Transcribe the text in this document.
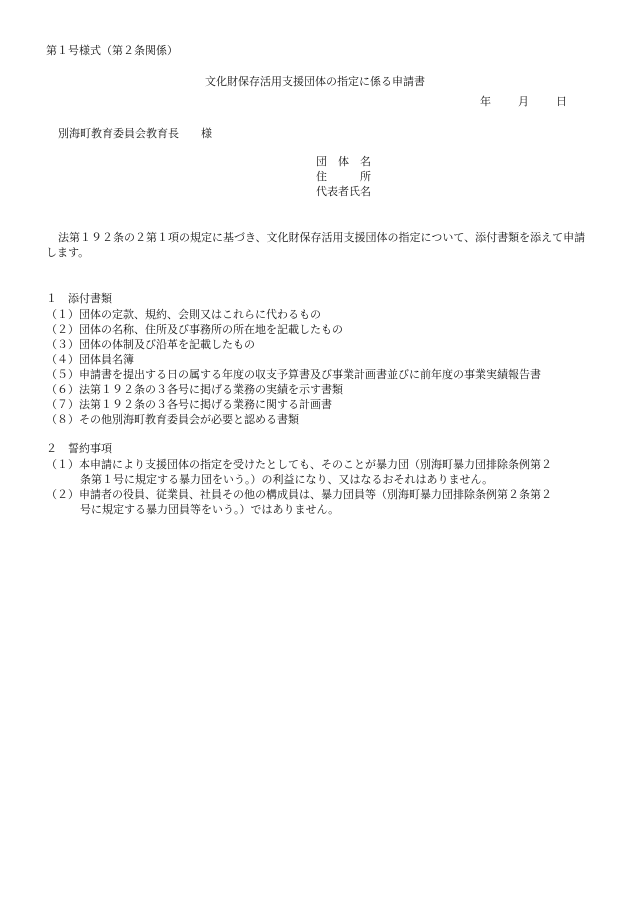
第１号様式（第２条関係）
文化財保存活用支援団体の指定に係る申請書
年 月 日
別海町教育委員会教育長　　様
団　体　名
住　　　所
代表者氏名
法第１９２条の２第１項の規定に基づき、文化財保存活用支援団体の指定について、添付書類を添えて申請します。
１　添付書類
（１）団体の定款、規約、会則又はこれらに代わるもの
（２）団体の名称、住所及び事務所の所在地を記載したもの
（３）団体の体制及び沿革を記載したもの
（４）団体員名簿
（５）申請書を提出する日の属する年度の収支予算書及び事業計画書並びに前年度の事業実績報告書
（６）法第１９２条の３各号に掲げる業務の実績を示す書類
（７）法第１９２条の３各号に掲げる業務に関する計画書
（８）その他別海町教育委員会が必要と認める書類
２　誓約事項
（１）本申請により支援団体の指定を受けたとしても、そのことが暴力団（別海町暴力団排除条例第２
条第１号に規定する暴力団をいう。）の利益になり、又はなるおそれはありません。
（２）申請者の役員、従業員、社員その他の構成員は、暴力団員等（別海町暴力団排除条例第２条第２
号に規定する暴力団員等をいう。）ではありません。
